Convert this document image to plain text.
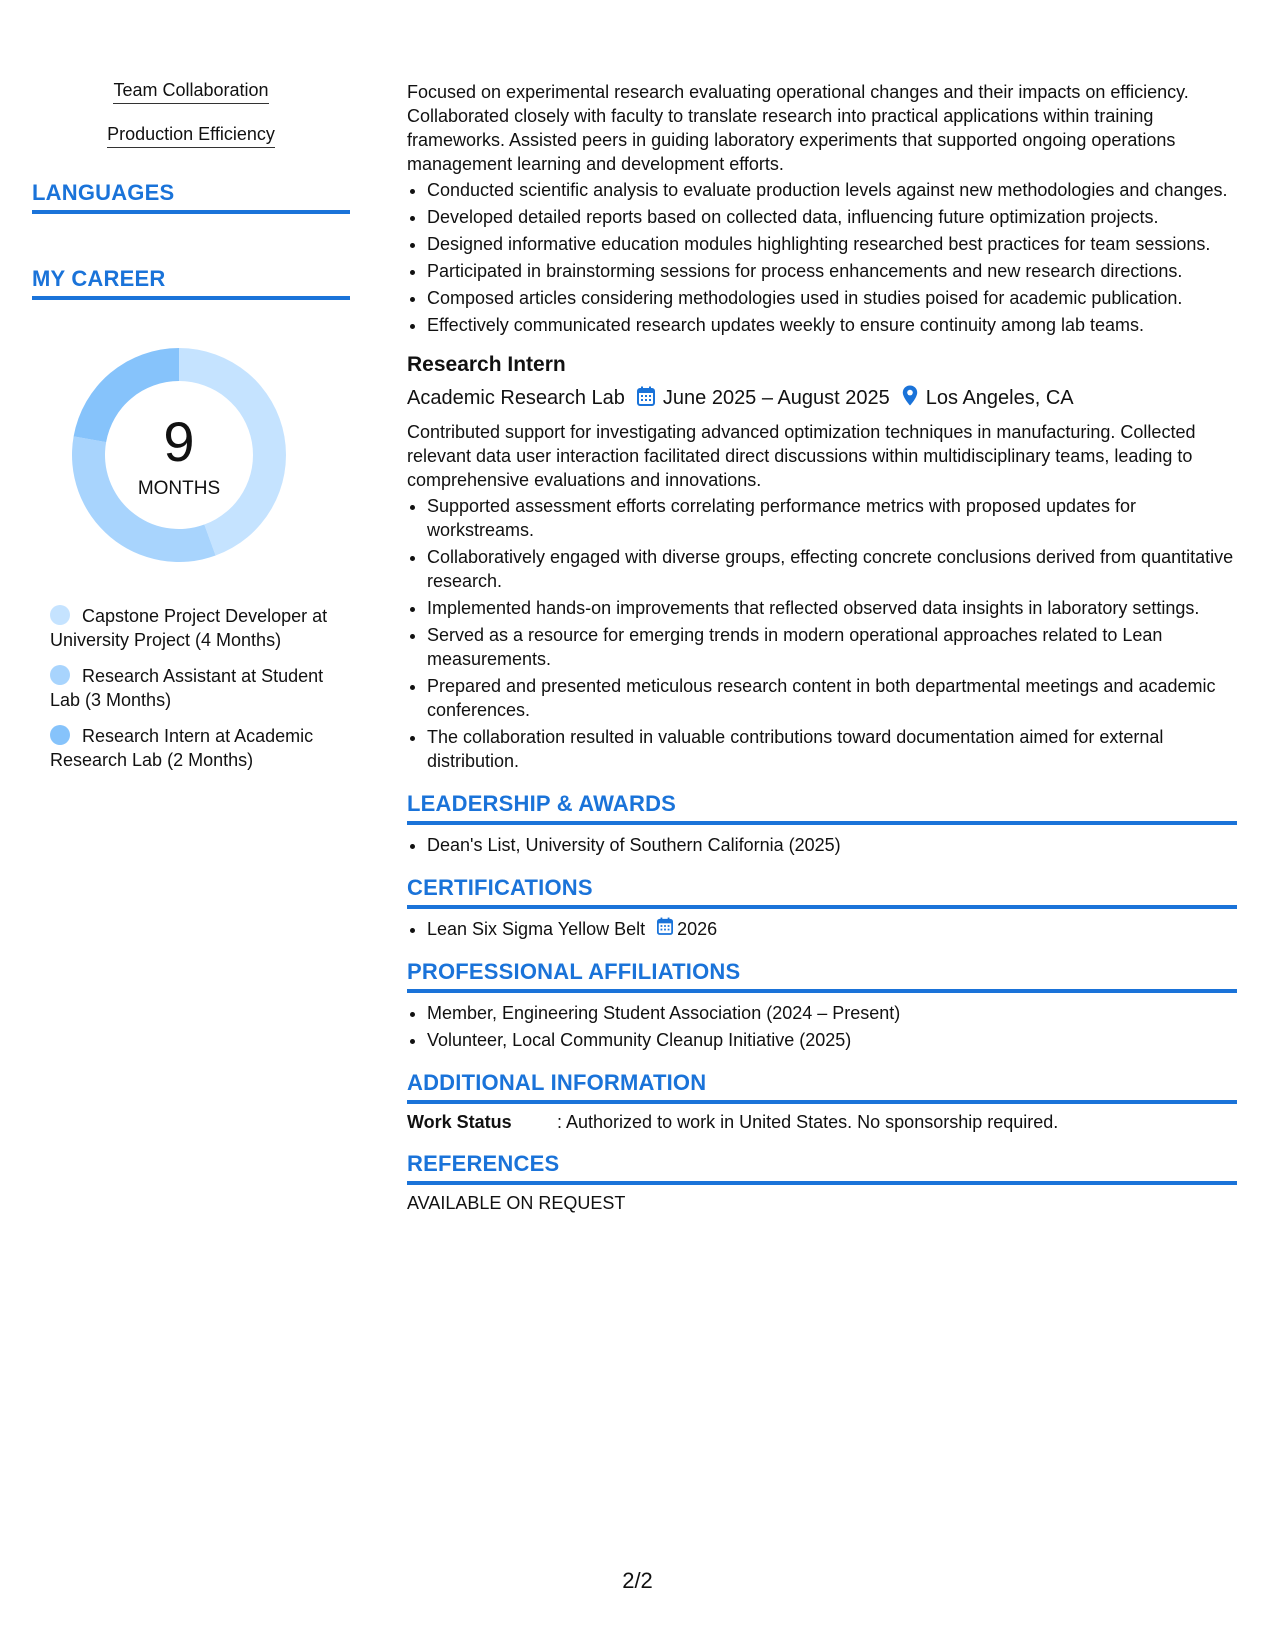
Team Collaboration
Production Efficiency
LANGUAGES
MY CAREER
9
MONTHS
Capstone Project Developer at University Project (4 Months)
Research Assistant at Student Lab (3 Months)
Research Intern at Academic Research Lab (2 Months)

Focused on experimental research evaluating operational changes and their impacts on efficiency. Collaborated closely with faculty to translate research into practical applications within training frameworks. Assisted peers in guiding laboratory experiments that supported ongoing operations management learning and development efforts.

• Conducted scientific analysis to evaluate production levels against new methodologies and changes.
• Developed detailed reports based on collected data, influencing future optimization projects.
• Designed informative education modules highlighting researched best practices for team sessions.
• Participated in brainstorming sessions for process enhancements and new research directions.
• Composed articles considering methodologies used in studies poised for academic publication.
• Effectively communicated research updates weekly to ensure continuity among lab teams.
Research Intern
Academic Research Lab June 2025 – August 2025 Los Angeles, CA

Contributed support for investigating advanced optimization techniques in manufacturing. Collected relevant data user interaction facilitated direct discussions within multidisciplinary teams, leading to comprehensive evaluations and innovations.

• Supported assessment efforts correlating performance metrics with proposed updates for workstreams.
• Collaboratively engaged with diverse groups, effecting concrete conclusions derived from quantitative research.
• Implemented hands-on improvements that reflected observed data insights in laboratory settings.
• Served as a resource for emerging trends in modern operational approaches related to Lean measurements.
• Prepared and presented meticulous research content in both departmental meetings and academic conferences.
• The collaboration resulted in valuable contributions toward documentation aimed for external distribution.
LEADERSHIP & AWARDS
• Dean's List, University of Southern California (2025)
CERTIFICATIONS
• Lean Six Sigma Yellow Belt 2026
PROFESSIONAL AFFILIATIONS
• Member, Engineering Student Association (2024 – Present)
• Volunteer, Local Community Cleanup Initiative (2025)
ADDITIONAL INFORMATION
Work Status	: Authorized to work in United States. No sponsorship required.
REFERENCES
AVAILABLE ON REQUEST
2/2
